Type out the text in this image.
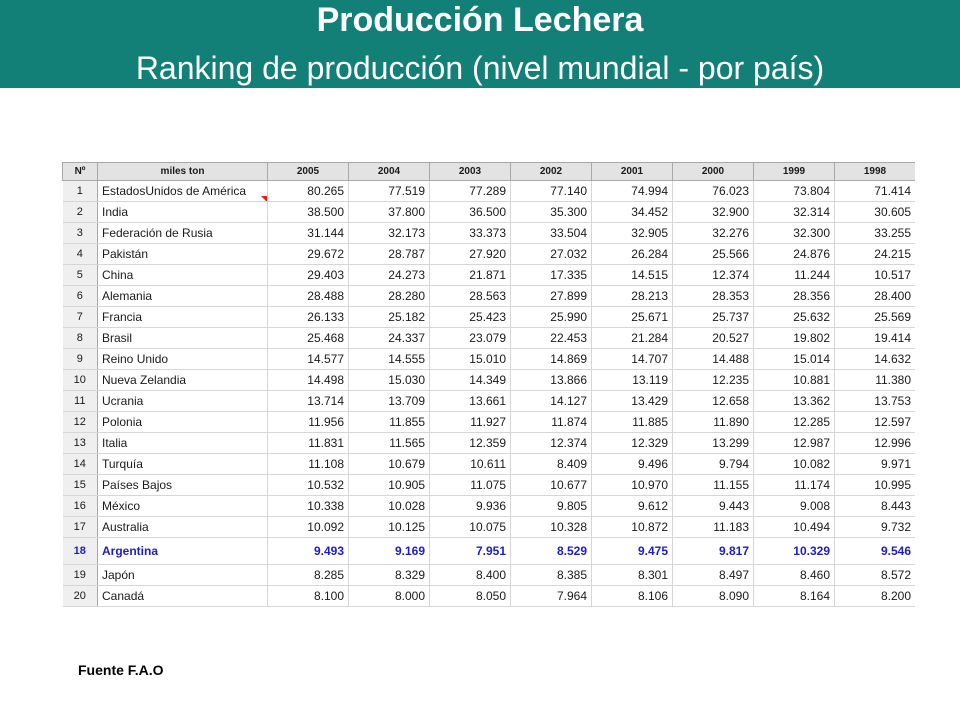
Producción Lechera
Ranking de producción (nivel mundial - por país)
Nº	miles ton	2005	2004	2003	2002	2001	2000	1999	1998
1	EstadosUnidos de América	80.265	77.519	77.289	77.140	74.994	76.023	73.804	71.414
2	India	38.500	37.800	36.500	35.300	34.452	32.900	32.314	30.605
3	Federación de Rusia	31.144	32.173	33.373	33.504	32.905	32.276	32.300	33.255
4	Pakistán	29.672	28.787	27.920	27.032	26.284	25.566	24.876	24.215
5	China	29.403	24.273	21.871	17.335	14.515	12.374	11.244	10.517
6	Alemania	28.488	28.280	28.563	27.899	28.213	28.353	28.356	28.400
7	Francia	26.133	25.182	25.423	25.990	25.671	25.737	25.632	25.569
8	Brasil	25.468	24.337	23.079	22.453	21.284	20.527	19.802	19.414
9	Reino Unido	14.577	14.555	15.010	14.869	14.707	14.488	15.014	14.632
10	Nueva Zelandia	14.498	15.030	14.349	13.866	13.119	12.235	10.881	11.380
11	Ucrania	13.714	13.709	13.661	14.127	13.429	12.658	13.362	13.753
12	Polonia	11.956	11.855	11.927	11.874	11.885	11.890	12.285	12.597
13	Italia	11.831	11.565	12.359	12.374	12.329	13.299	12.987	12.996
14	Turquía	11.108	10.679	10.611	8.409	9.496	9.794	10.082	9.971
15	Países Bajos	10.532	10.905	11.075	10.677	10.970	11.155	11.174	10.995
16	México	10.338	10.028	9.936	9.805	9.612	9.443	9.008	8.443
17	Australia	10.092	10.125	10.075	10.328	10.872	11.183	10.494	9.732
18	Argentina	9.493	9.169	7.951	8.529	9.475	9.817	10.329	9.546
19	Japón	8.285	8.329	8.400	8.385	8.301	8.497	8.460	8.572
20	Canadá	8.100	8.000	8.050	7.964	8.106	8.090	8.164	8.200
Fuente F.A.O
